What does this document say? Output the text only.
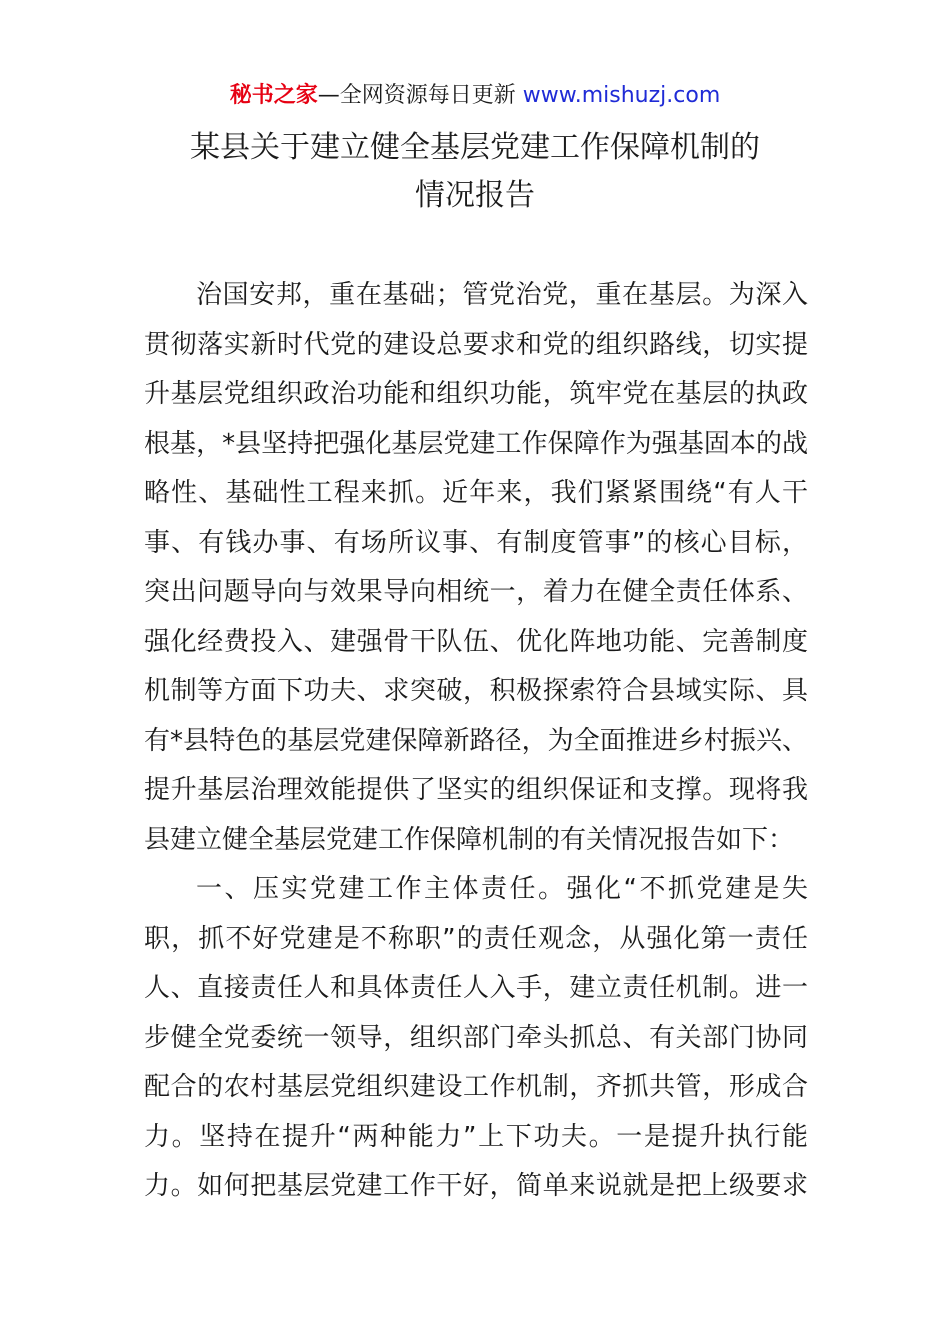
秘书之家—全网资源每日更新 www.mishuzj.com
某县关于建立健全基层党建工作保障机制的
情况报告
治国安邦，重在基础；管党治党，重在基层。为深入
贯彻落实新时代党的建设总要求和党的组织路线，切实提
升基层党组织政治功能和组织功能，筑牢党在基层的执政
根基，*县坚持把强化基层党建工作保障作为强基固本的战
略性、基础性工程来抓。近年来，我们紧紧围绕“有人干
事、有钱办事、有场所议事、有制度管事”的核心目标，
突出问题导向与效果导向相统一，着力在健全责任体系、
强化经费投入、建强骨干队伍、优化阵地功能、完善制度
机制等方面下功夫、求突破，积极探索符合县域实际、具
有*县特色的基层党建保障新路径，为全面推进乡村振兴、
提升基层治理效能提供了坚实的组织保证和支撑。现将我
县建立健全基层党建工作保障机制的有关情况报告如下：
一、压实党建工作主体责任。强化“不抓党建是失
职，抓不好党建是不称职”的责任观念，从强化第一责任
人、直接责任人和具体责任人入手，建立责任机制。进一
步健全党委统一领导，组织部门牵头抓总、有关部门协同
配合的农村基层党组织建设工作机制，齐抓共管，形成合
力。坚持在提升“两种能力”上下功夫。一是提升执行能
力。如何把基层党建工作干好，简单来说就是把上级要求
